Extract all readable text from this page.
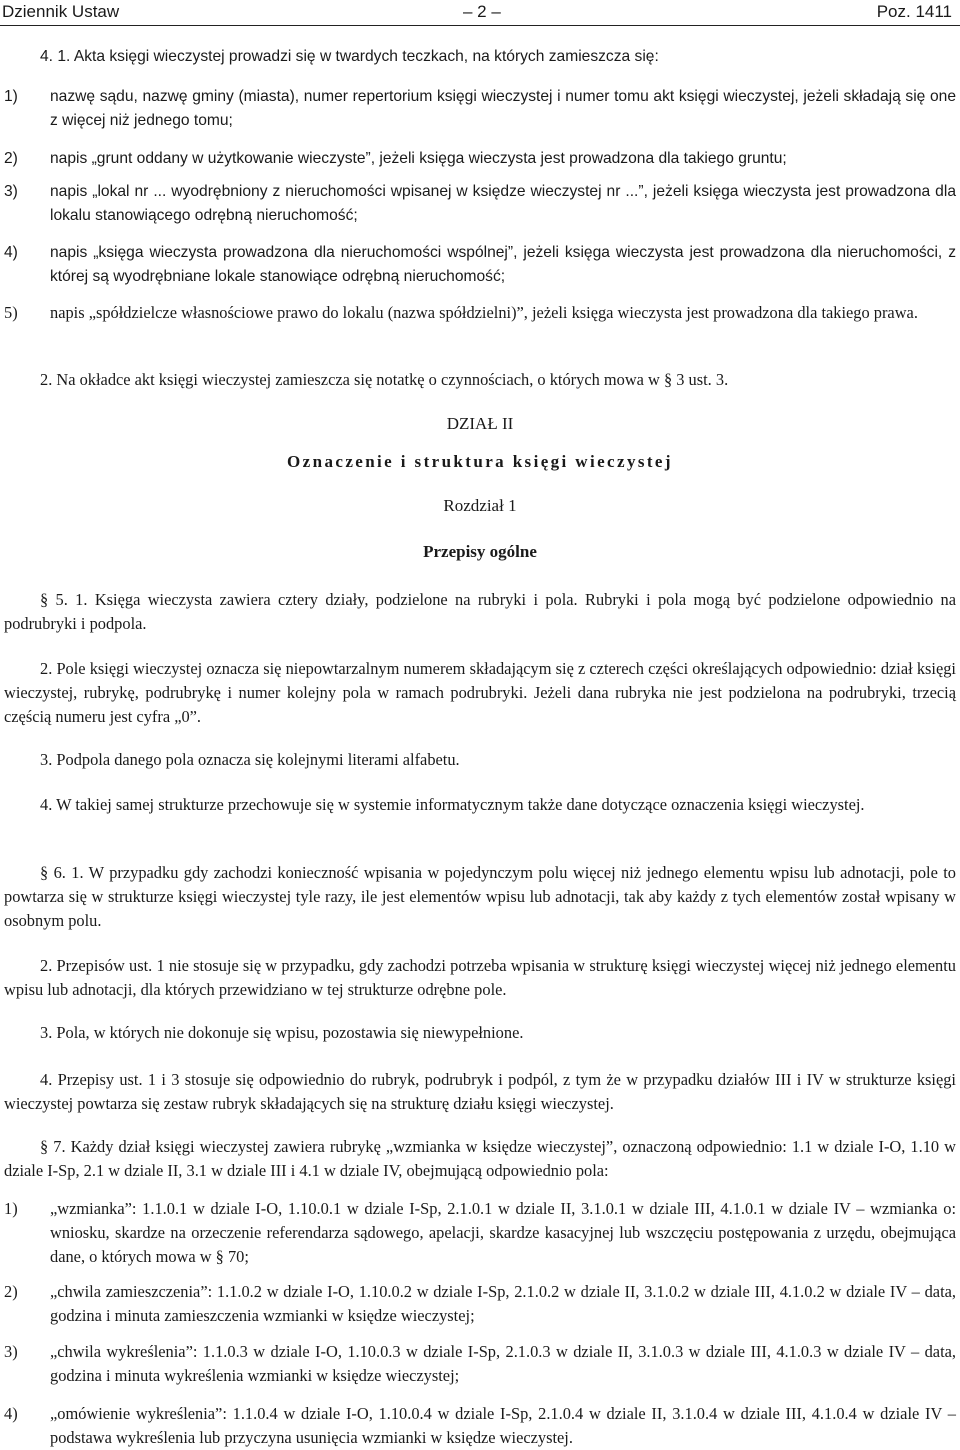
Dziennik Ustaw	– 2 –	Poz. 1411
4. 1. Akta księgi wieczystej prowadzi się w twardych teczkach, na których zamieszcza się:
1) nazwę sądu, nazwę gminy (miasta), numer repertorium księgi wieczystej i numer tomu akt księgi wieczystej, jeżeli składają się one z więcej niż jednego tomu;
2) napis „grunt oddany w użytkowanie wieczyste”, jeżeli księga wieczysta jest prowadzona dla takiego gruntu;
3) napis „lokal nr ... wyodrębniony z nieruchomości wpisanej w księdze wieczystej nr ...”, jeżeli księga wieczysta jest prowadzona dla lokalu stanowiącego odrębną nieruchomość;
4) napis „księga wieczysta prowadzona dla nieruchomości wspólnej”, jeżeli księga wieczysta jest prowadzona dla nieruchomości, z której są wyodrębniane lokale stanowiące odrębną nieruchomość;
5) napis „spółdzielcze własnościowe prawo do lokalu (nazwa spółdzielni)”, jeżeli księga wieczysta jest prowadzona dla takiego prawa.
2. Na okładce akt księgi wieczystej zamieszcza się notatkę o czynnościach, o których mowa w § 3 ust. 3.
DZIAŁ II
Oznaczenie i struktura księgi wieczystej
Rozdział 1
Przepisy ogólne
§ 5. 1. Księga wieczysta zawiera cztery działy, podzielone na rubryki i pola. Rubryki i pola mogą być podzielone odpowiednio na podrubryki i podpola.
2. Pole księgi wieczystej oznacza się niepowtarzalnym numerem składającym się z czterech części określających odpowiednio: dział księgi wieczystej, rubrykę, podrubrykę i numer kolejny pola w ramach podrubryki. Jeżeli dana rubryka nie jest podzielona na podrubryki, trzecią częścią numeru jest cyfra „0”.
3. Podpola danego pola oznacza się kolejnymi literami alfabetu.
4. W takiej samej strukturze przechowuje się w systemie informatycznym także dane dotyczące oznaczenia księgi wieczystej.
§ 6. 1. W przypadku gdy zachodzi konieczność wpisania w pojedynczym polu więcej niż jednego elementu wpisu lub adnotacji, pole to powtarza się w strukturze księgi wieczystej tyle razy, ile jest elementów wpisu lub adnotacji, tak aby każdy z tych elementów został wpisany w osobnym polu.
2. Przepisów ust. 1 nie stosuje się w przypadku, gdy zachodzi potrzeba wpisania w strukturę księgi wieczystej więcej niż jednego elementu wpisu lub adnotacji, dla których przewidziano w tej strukturze odrębne pole.
3. Pola, w których nie dokonuje się wpisu, pozostawia się niewypełnione.
4. Przepisy ust. 1 i 3 stosuje się odpowiednio do rubryk, podrubryk i podpól, z tym że w przypadku działów III i IV w strukturze księgi wieczystej powtarza się zestaw rubryk składających się na strukturę działu księgi wieczystej.
§ 7. Każdy dział księgi wieczystej zawiera rubrykę „wzmianka w księdze wieczystej”, oznaczoną odpowiednio: 1.1 w dziale I-O, 1.10 w dziale I-Sp, 2.1 w dziale II, 3.1 w dziale III i 4.1 w dziale IV, obejmującą odpowiednio pola:
1) „wzmianka”: 1.1.0.1 w dziale I-O, 1.10.0.1 w dziale I-Sp, 2.1.0.1 w dziale II, 3.1.0.1 w dziale III, 4.1.0.1 w dziale IV – wzmianka o: wniosku, skardze na orzeczenie referendarza sądowego, apelacji, skardze kasacyjnej lub wszczęciu postępowania z urzędu, obejmująca dane, o których mowa w § 70;
2) „chwila zamieszczenia”: 1.1.0.2 w dziale I-O, 1.10.0.2 w dziale I-Sp, 2.1.0.2 w dziale II, 3.1.0.2 w dziale III, 4.1.0.2 w dziale IV – data, godzina i minuta zamieszczenia wzmianki w księdze wieczystej;
3) „chwila wykreślenia”: 1.1.0.3 w dziale I-O, 1.10.0.3 w dziale I-Sp, 2.1.0.3 w dziale II, 3.1.0.3 w dziale III, 4.1.0.3 w dziale IV – data, godzina i minuta wykreślenia wzmianki w księdze wieczystej;
4) „omówienie wykreślenia”: 1.1.0.4 w dziale I-O, 1.10.0.4 w dziale I-Sp, 2.1.0.4 w dziale II, 3.1.0.4 w dziale III, 4.1.0.4 w dziale IV – podstawa wykreślenia lub przyczyna usunięcia wzmianki w księdze wieczystej.
